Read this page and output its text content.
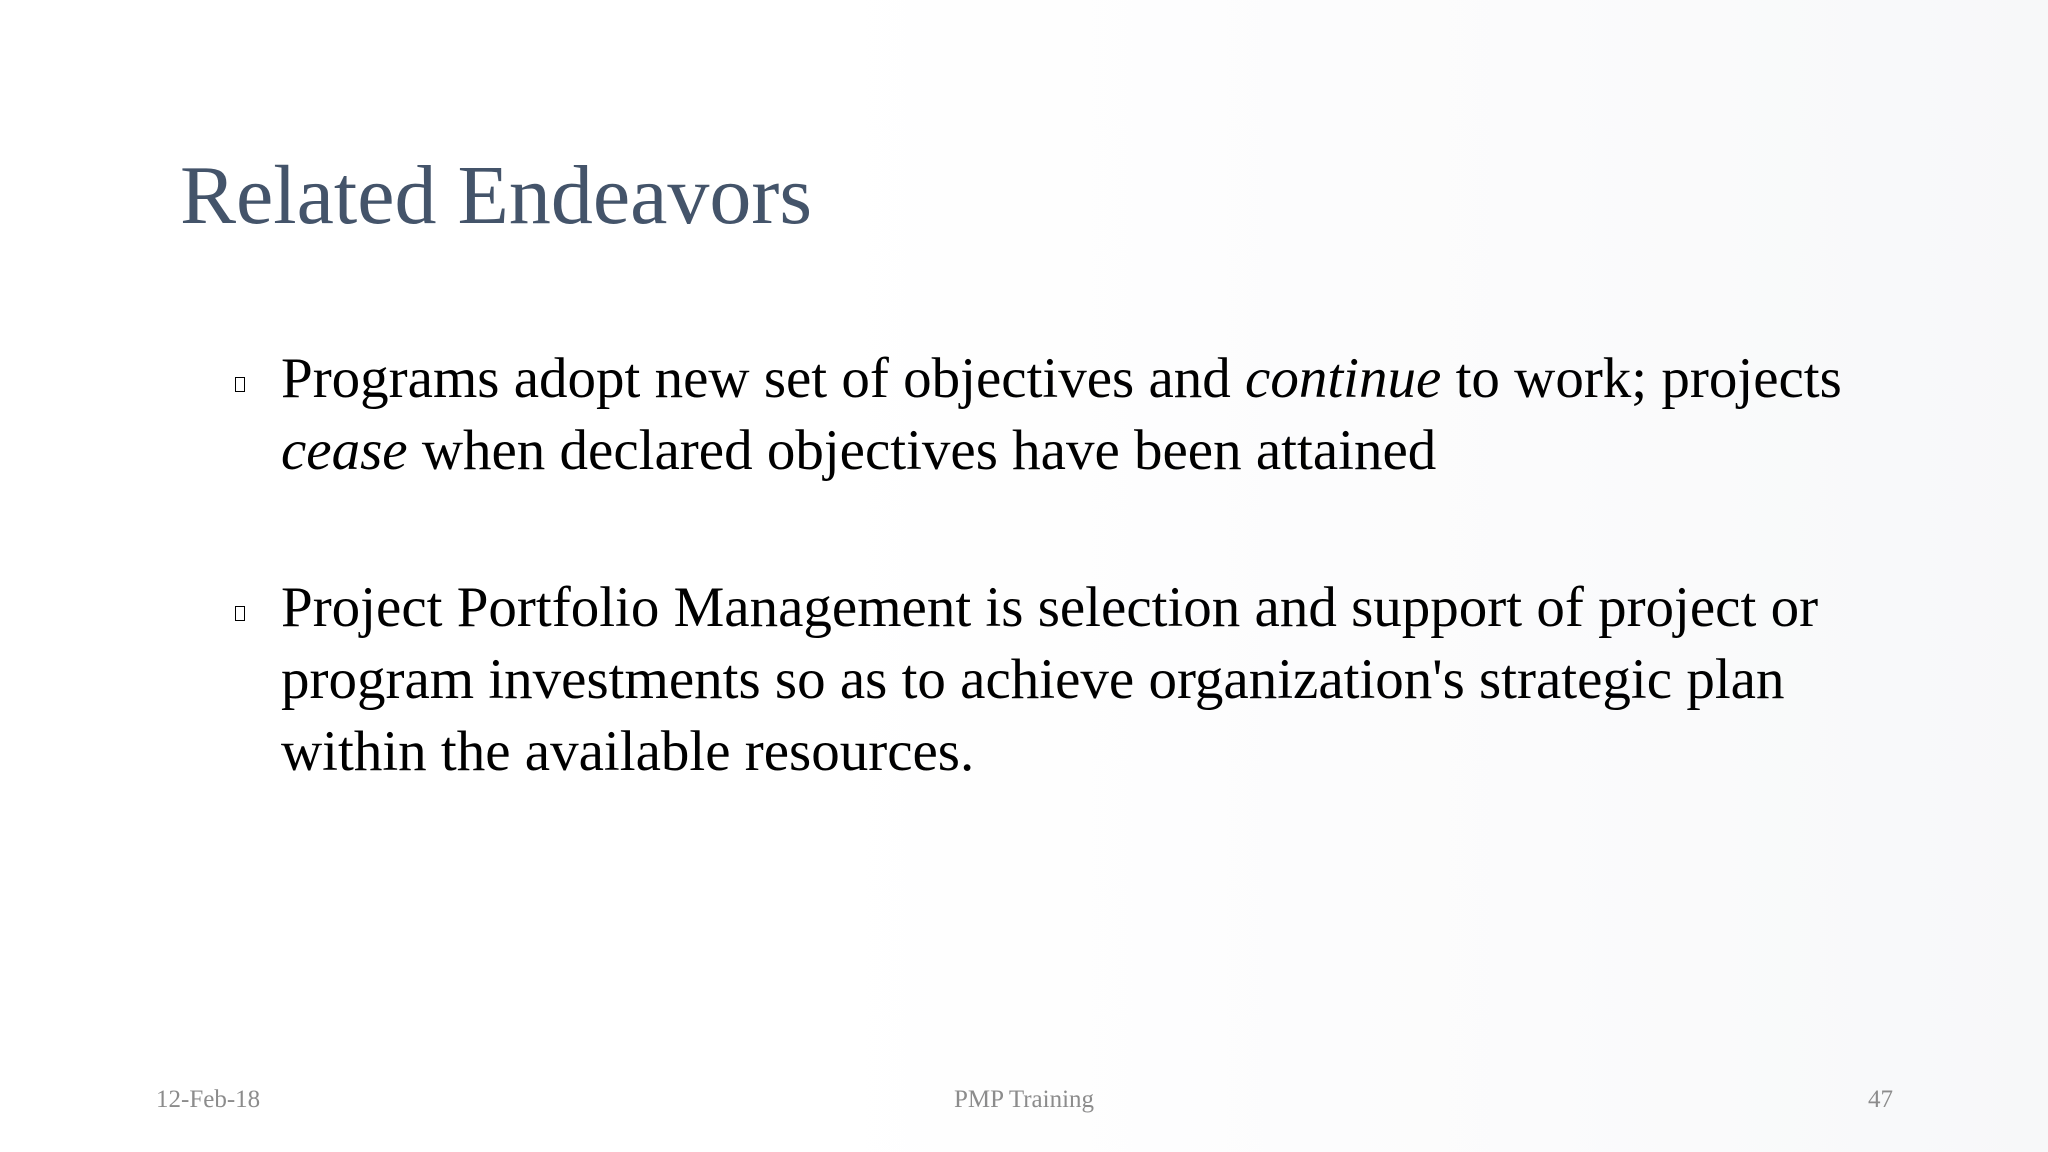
Related Endeavors
Programs adopt new set of objectives and continue to work; projects cease when declared objectives have been attained
Project Portfolio Management is selection and support of project or program investments so as to achieve organization's strategic plan within the available resources.
12-Feb-18	PMP Training	47
